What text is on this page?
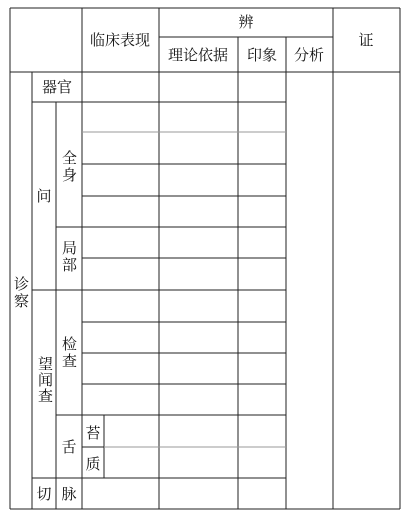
临床表现
辨
证
理论依据 印象 分析
诊察
问
器官
全身
局部
望闻查
检查
舌
苔
质
切 脉
